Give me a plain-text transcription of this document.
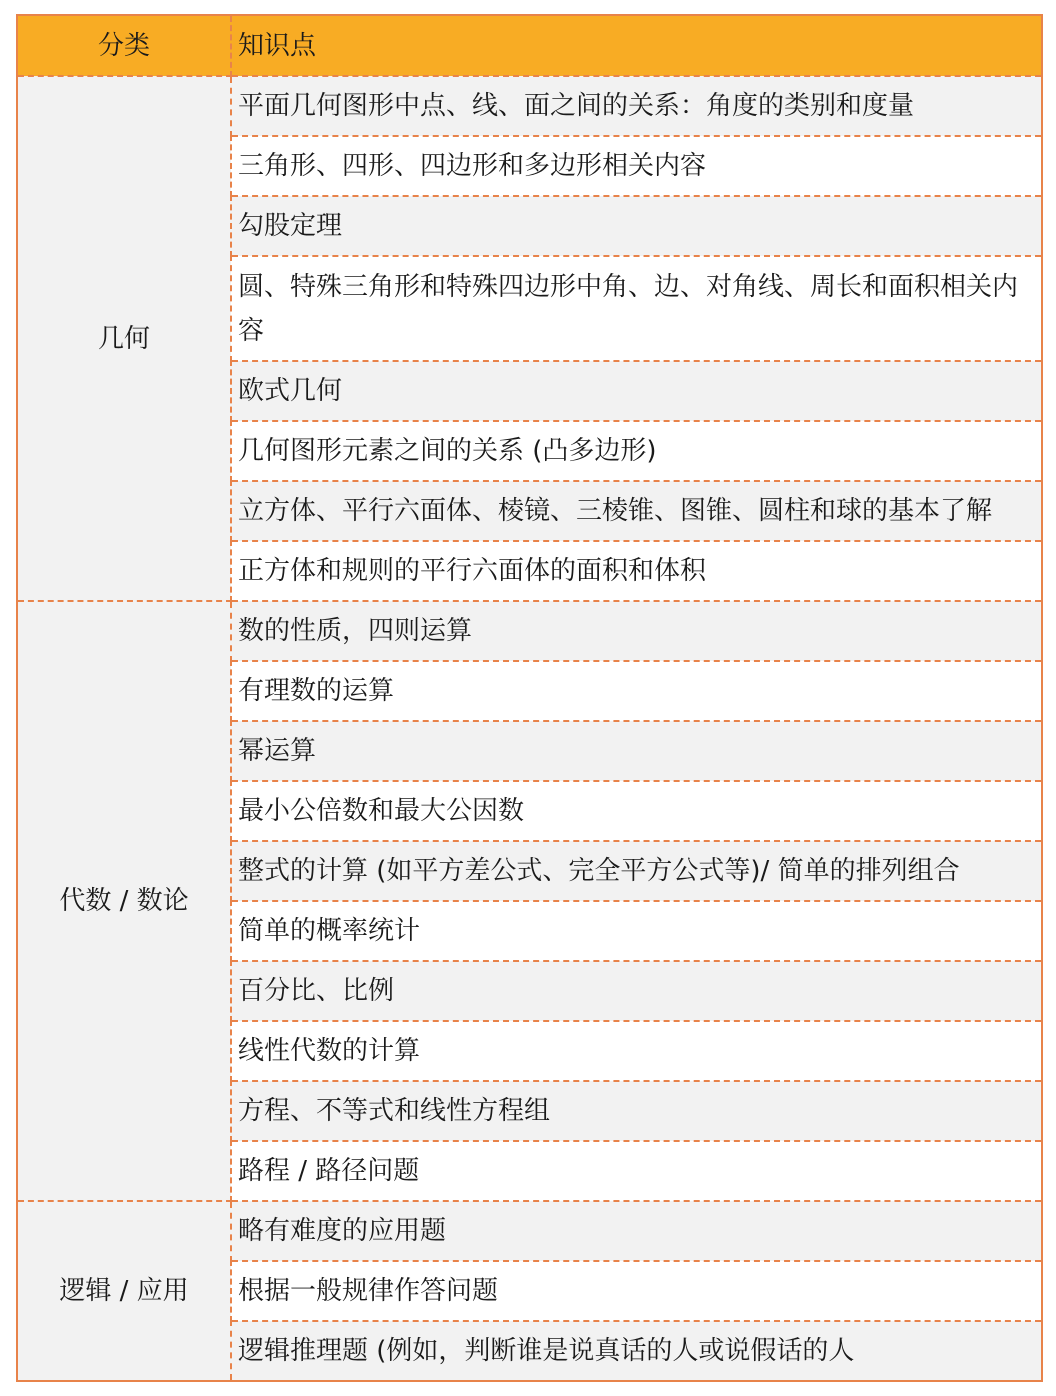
分类	知识点
几何	平面几何图形中点、线、面之间的关系：角度的类别和度量
	三角形、四形、四边形和多边形相关内容
	勾股定理
	圆、特殊三角形和特殊四边形中角、边、对角线、周长和面积相关内容
	欧式几何
	几何图形元素之间的关系 (凸多边形)
	立方体、平行六面体、棱镜、三棱锥、图锥、圆柱和球的基本了解
	正方体和规则的平行六面体的面积和体积
代数 / 数论	数的性质，四则运算
	有理数的运算
	幂运算
	最小公倍数和最大公因数
	整式的计算 (如平方差公式、完全平方公式等)/ 简单的排列组合
	简单的概率统计
	百分比、比例
	线性代数的计算
	方程、不等式和线性方程组
	路程 / 路径问题
逻辑 / 应用	略有难度的应用题
	根据一般规律作答问题
	逻辑推理题 (例如，判断谁是说真话的人或说假话的人
